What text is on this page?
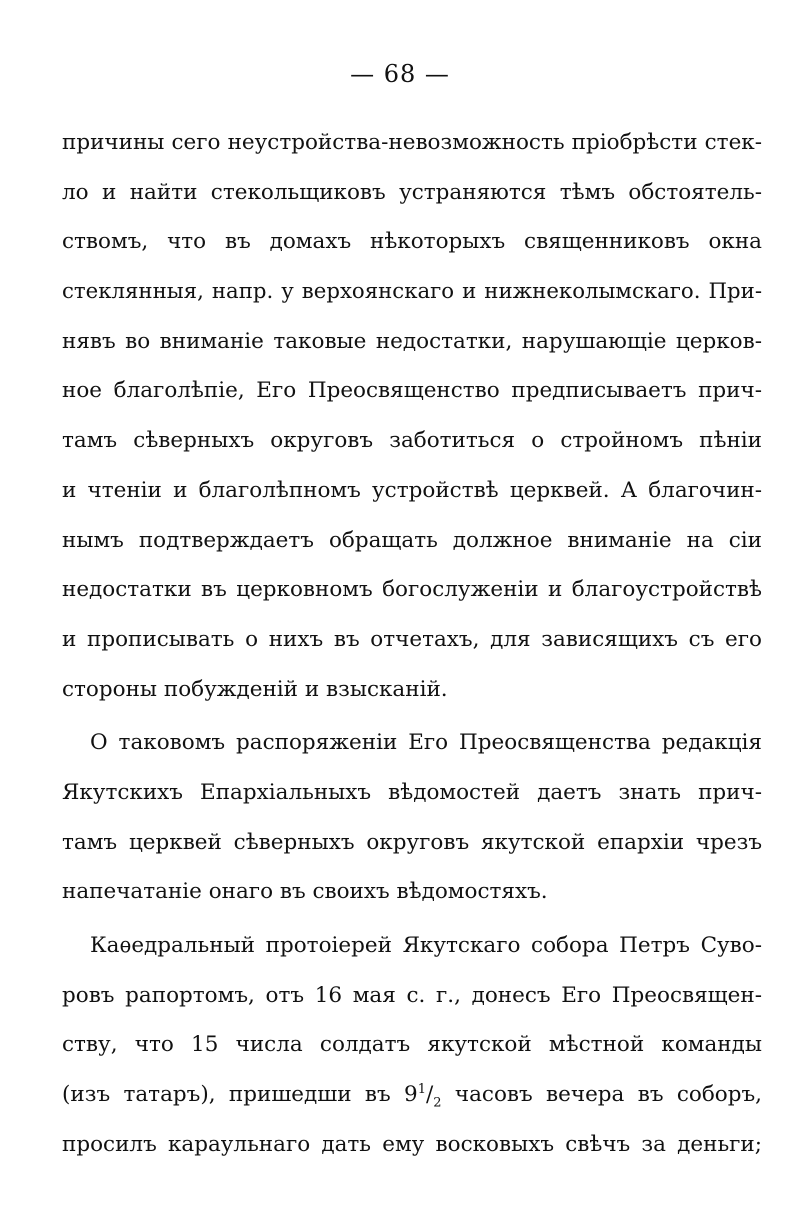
— 68 —
причины сего неустройства-невозможность пріобрѣсти стек-
ло и найти стекольщиковъ устраняются тѣмъ обстоятель-
ствомъ, что въ домахъ нѣкоторыхъ священниковъ окна
стеклянныя, напр. у верхоянскаго и нижнеколымскаго. При-
нявъ во вниманіе таковые недостатки, нарушающіе церков-
ное благолѣпіе, Его Преосвященство предписываетъ прич-
тамъ сѣверныхъ округовъ заботиться о стройномъ пѣніи
и чтеніи и благолѣпномъ устройствѣ церквей. А благочин-
нымъ подтверждаетъ обращать должное вниманіе на сіи
недостатки въ церковномъ богослуженіи и благоустройствѣ
и прописывать о нихъ въ отчетахъ, для зависящихъ съ его
стороны побужденій и взысканій.
О таковомъ распоряженіи Его Преосвященства редакція
Якутскихъ Епархіальныхъ вѣдомостей даетъ знать прич-
тамъ церквей сѣверныхъ округовъ якутской епархіи чрезъ
напечатаніе онаго въ своихъ вѣдомостяхъ.
Каѳедральный протоіерей Якутскаго собора Петръ Суво-
ровъ рапортомъ, отъ 16 мая с. г., донесъ Его Преосвящен-
ству, что 15 числа солдатъ якутской мѣстной команды
(изъ татаръ), пришедши въ $9^1/_2$ часовъ вечера въ соборъ,
просилъ караульнаго дать ему восковыхъ свѣчъ за деньги;
